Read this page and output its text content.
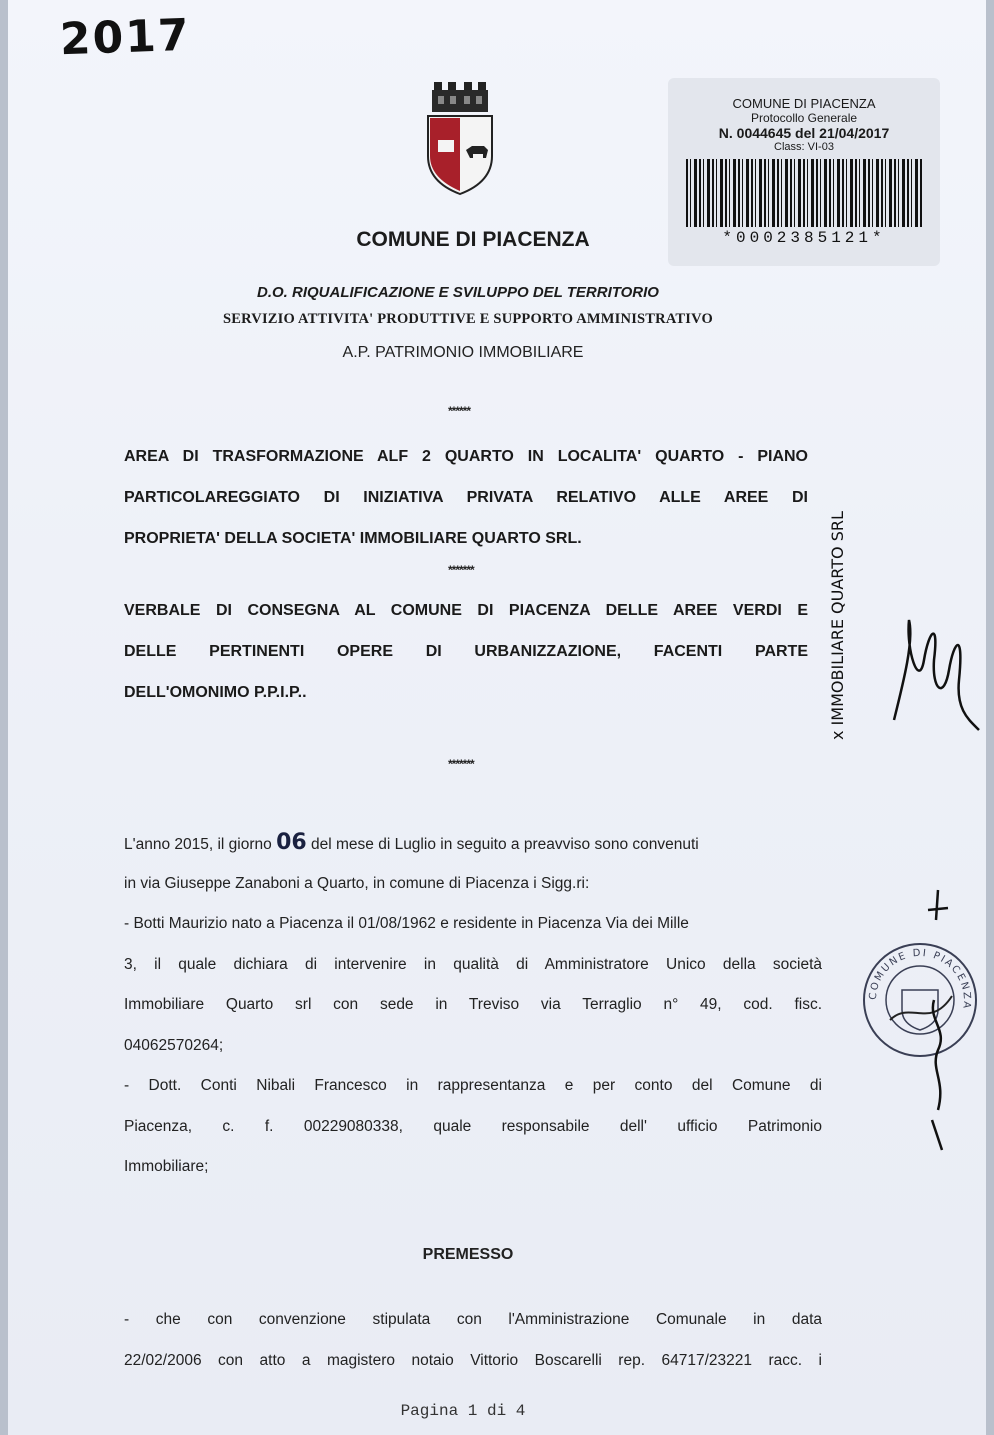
2017
COMUNE DI PIACENZA
Protocollo Generale
N. 0044645 del 21/04/2017
Class: VI-03
*0002385121*
COMUNE DI PIACENZA
D.O. RIQUALIFICAZIONE E SVILUPPO DEL TERRITORIO
SERVIZIO ATTIVITA' PRODUTTIVE E SUPPORTO AMMINISTRATIVO
A.P. PATRIMONIO IMMOBILIARE
******
AREA DI TRASFORMAZIONE ALF 2 QUARTO IN LOCALITA' QUARTO - PIANO
PARTICOLAREGGIATO DI INIZIATIVA PRIVATA RELATIVO ALLE AREE DI
PROPRIETA' DELLA SOCIETA' IMMOBILIARE QUARTO SRL.
*******
VERBALE DI CONSEGNA AL COMUNE DI PIACENZA DELLE AREE VERDI E
DELLE PERTINENTI OPERE DI URBANIZZAZIONE, FACENTI PARTE
DELL'OMONIMO P.P.I.P..
*******
x IMMOBILIARE QUARTO SRL
L'anno 2015, il giorno 06 del mese di Luglio in seguito a preavviso sono convenuti
in via Giuseppe Zanaboni a Quarto, in comune di Piacenza i Sigg.ri:
- Botti Maurizio nato a Piacenza il 01/08/1962 e residente in Piacenza Via dei Mille
3, il quale dichiara di intervenire in qualità di Amministratore Unico della società
Immobiliare Quarto srl con sede in Treviso via Terraglio n° 49, cod. fisc.
04062570264;
- Dott. Conti Nibali Francesco in rappresentanza e per conto del Comune di
Piacenza, c. f. 00229080338, quale responsabile dell' ufficio Patrimonio
Immobiliare;
COMUNE DI PIACENZA
PREMESSO
- che con convenzione stipulata con l'Amministrazione Comunale in data
22/02/2006 con atto a magistero notaio Vittorio Boscarelli rep. 64717/23221 racc. i
Pagina 1 di 4
